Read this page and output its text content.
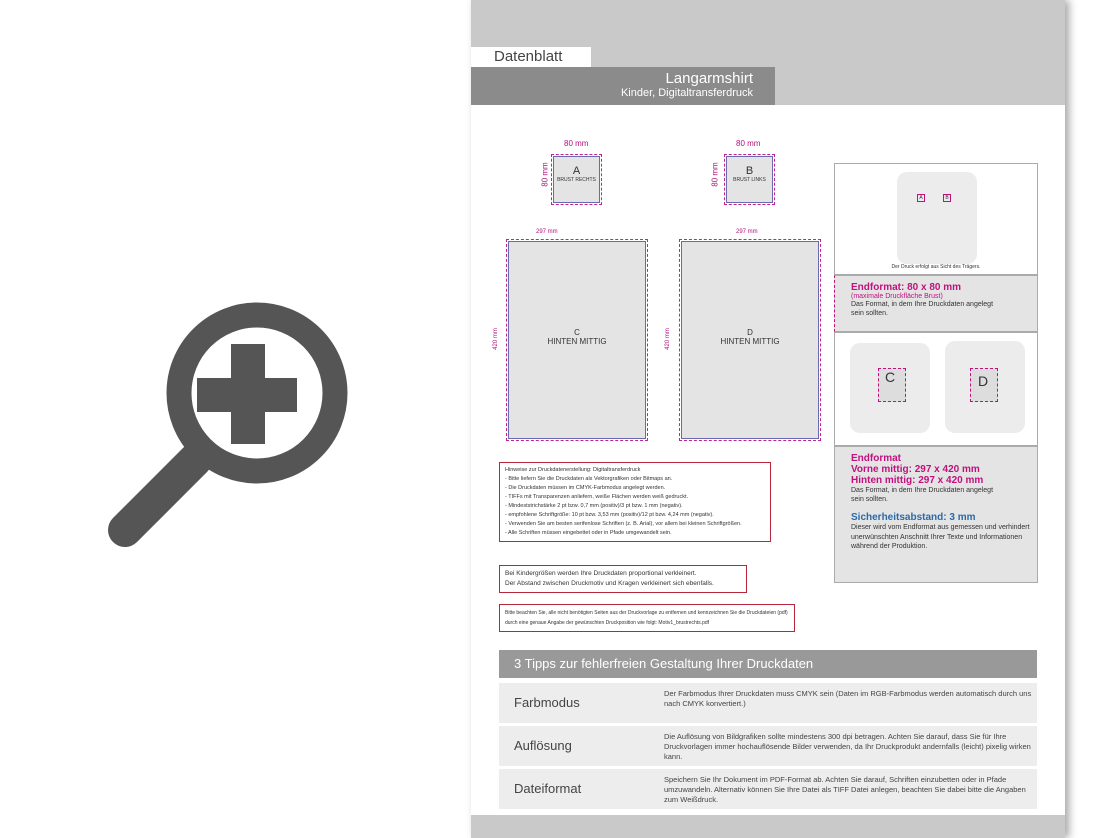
Datenblatt
Langarmshirt
Kinder, Digitaltransferdruck
80 mm
80 mm	A
BRUST RECHTS
80 mm
80 mm	B
BRUST LINKS
297 mm
420 mm	C
HINTEN MITTIG
297 mm
420 mm	D
HINTEN MITTIG
Hinweise zur Druckdatenerstellung: Digitaltransferdruck
- Bitte liefern Sie die Druckdaten als Vektorgrafiken oder Bitmaps an.
- Die Druckdaten müssen im CMYK-Farbmodus angelegt werden.
- TIFFs mit Transparenzen anliefern, weiße Flächen werden weiß gedruckt.
- Mindeststrichstärke 2 pt bzw. 0,7 mm (positiv)/3 pt bzw. 1 mm (negativ).
- empfohlene Schriftgröße: 10 pt bzw. 3,53 mm (positiv)/12 pt bzw. 4,24 mm (negativ).
- Verwenden Sie am besten serifenlose Schriften (z. B. Arial), vor allem bei kleinen Schriftgrößen.
- Alle Schriften müssen eingebettet oder in Pfade umgewandelt sein.
Bei Kindergrößen werden Ihre Druckdaten proportional verkleinert.
Der Abstand zwischen Druckmotiv und Kragen verkleinert sich ebenfalls.
Bitte beachten Sie, alle nicht benötigten Seiten aus der Druckvorlage zu entfernen und kennzeichnen Sie die Druckdateien (pdf) durch eine genaue Angabe der gewünschten Druckposition wie folgt: Motiv1_brustrechts.pdf
A	B
Der Druck erfolgt aus Sicht des Trägers.
Endformat: 80 x 80 mm
(maximale Druckfläche Brust)
Das Format, in dem Ihre Druckdaten angelegt sein sollten.
C	D
Endformat
Vorne mittig: 297 x 420 mm
Hinten mittig: 297 x 420 mm
Das Format, in dem Ihre Druckdaten angelegt sein sollten.
Sicherheitsabstand: 3 mm
Dieser wird vom Endformat aus gemessen und verhindert unerwünschten Anschnitt Ihrer Texte und Informationen während der Produktion.
3 Tipps zur fehlerfreien Gestaltung Ihrer Druckdaten
Farbmodus
Der Farbmodus Ihrer Druckdaten muss CMYK sein (Daten im RGB-Farbmodus werden automatisch durch uns nach CMYK konvertiert.)
Auflösung
Die Auflösung von Bildgrafiken sollte mindestens 300 dpi betragen. Achten Sie darauf, dass Sie für Ihre Druckvorlagen immer hochauflösende Bilder verwenden, da Ihr Druckprodukt andernfalls (leicht) pixelig wirken kann.
Dateiformat
Speichern Sie Ihr Dokument im PDF-Format ab. Achten Sie darauf, Schriften einzubetten oder in Pfade umzuwandeln. Alternativ können Sie Ihre Datei als TIFF Datei anlegen, beachten Sie dabei bitte die Angaben zum Weißdruck.
